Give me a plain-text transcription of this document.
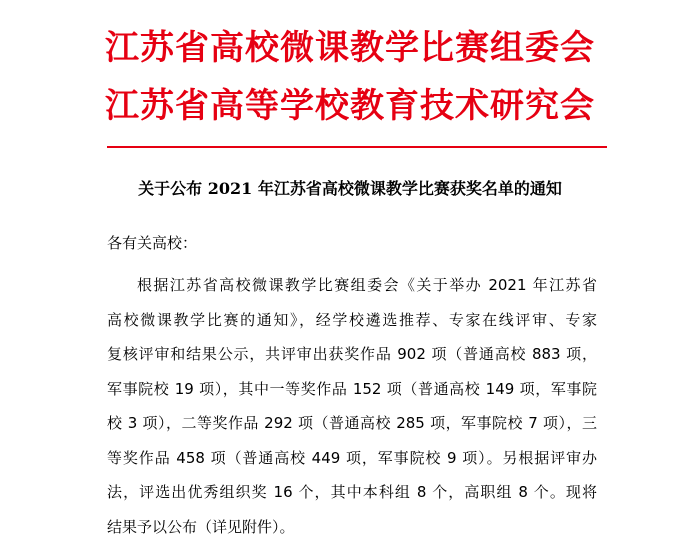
江苏省高校微课教学比赛组委会
江苏省高等学校教育技术研究会
关于公布 2021 年江苏省高校微课教学比赛获奖名单的通知
各有关高校：
根据江苏省高校微课教学比赛组委会《关于举办 2021 年江苏省
高校微课教学比赛的通知》，经学校遴选推荐、专家在线评审、专家
复核评审和结果公示，共评审出获奖作品 902 项（普通高校 883 项，
军事院校 19 项），其中一等奖作品 152 项（普通高校 149 项，军事院
校 3 项），二等奖作品 292 项（普通高校 285 项，军事院校 7 项），三
等奖作品 458 项（普通高校 449 项，军事院校 9 项）。另根据评审办
法，评选出优秀组织奖 16 个，其中本科组 8 个，高职组 8 个。现将
结果予以公布（详见附件）。
